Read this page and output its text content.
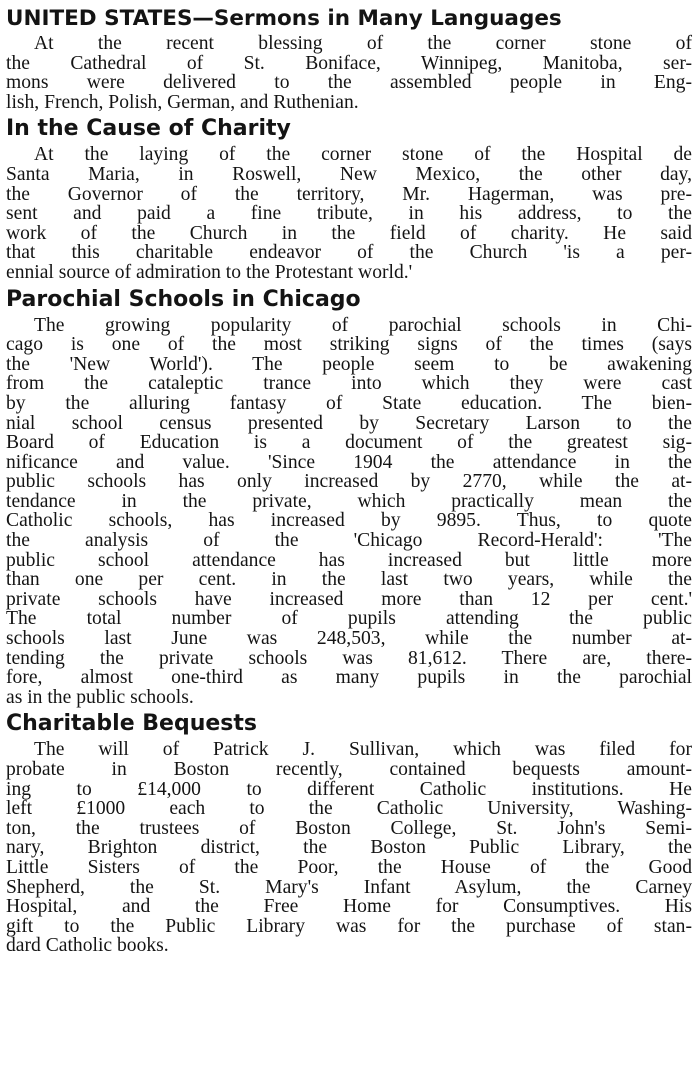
UNITED STATES—Sermons in Many Languages
At the recent blessing of the corner stone of
the Cathedral of St. Boniface, Winnipeg, Manitoba, ser-
mons were delivered to the assembled people in Eng-
lish, French, Polish, German, and Ruthenian.
In the Cause of Charity
At the laying of the corner stone of the Hospital de
Santa Maria, in Roswell, New Mexico, the other day,
the Governor of the territory, Mr. Hagerman, was pre-
sent and paid a fine tribute, in his address, to the
work of the Church in the field of charity. He said
that this charitable endeavor of the Church 'is a per-
ennial source of admiration to the Protestant world.'
Parochial Schools in Chicago
The growing popularity of parochial schools in Chi-
cago is one of the most striking signs of the times (says
the 'New World'). The people seem to be awakening
from the cataleptic trance into which they were cast
by the alluring fantasy of State education. The bien-
nial school census presented by Secretary Larson to the
Board of Education is a document of the greatest sig-
nificance and value. 'Since 1904 the attendance in the
public schools has only increased by 2770, while the at-
tendance in the private, which practically mean the
Catholic schools, has increased by 9895. Thus, to quote
the analysis of the 'Chicago Record-Herald': 'The
public school attendance has increased but little more
than one per cent. in the last two years, while the
private schools have increased more than 12 per cent.'
The total number of pupils attending the public
schools last June was 248,503, while the number at-
tending the private schools was 81,612. There are, there-
fore, almost one-third as many pupils in the parochial
as in the public schools.
Charitable Bequests
The will of Patrick J. Sullivan, which was filed for
probate in Boston recently, contained bequests amount-
ing to £14,000 to different Catholic institutions. He
left £1000 each to the Catholic University, Washing-
ton, the trustees of Boston College, St. John's Semi-
nary, Brighton district, the Boston Public Library, the
Little Sisters of the Poor, the House of the Good
Shepherd, the St. Mary's Infant Asylum, the Carney
Hospital, and the Free Home for Consumptives. His
gift to the Public Library was for the purchase of stan-
dard Catholic books.
